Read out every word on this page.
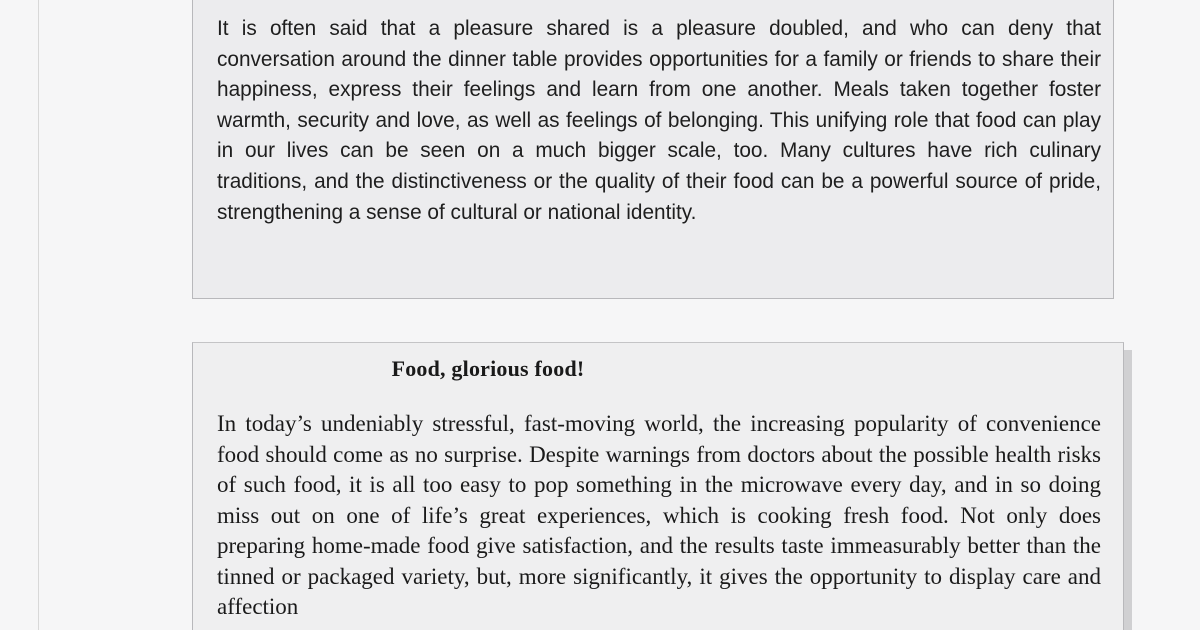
It is often said that a pleasure shared is a pleasure doubled, and who can deny that conversation around the dinner table provides opportunities for a family or friends to share their happiness, express their feelings and learn from one another. Meals taken together foster warmth, security and love, as well as feelings of belonging. This unifying role that food can play in our lives can be seen on a much bigger scale, too. Many cultures have rich culinary traditions, and the distinctiveness or the quality of their food can be a powerful source of pride, strengthening a sense of cultural or national identity.

Food, glorious food!

In today’s undeniably stressful, fast-moving world, the increasing popularity of convenience food should come as no surprise. Despite warnings from doctors about the possible health risks of such food, it is all too easy to pop something in the microwave every day, and in so doing miss out on one of life’s great experiences, which is cooking fresh food. Not only does preparing home-made food give satisfaction, and the results taste immeasurably better than the tinned or packaged variety, but, more significantly, it gives the opportunity to display care and affection
